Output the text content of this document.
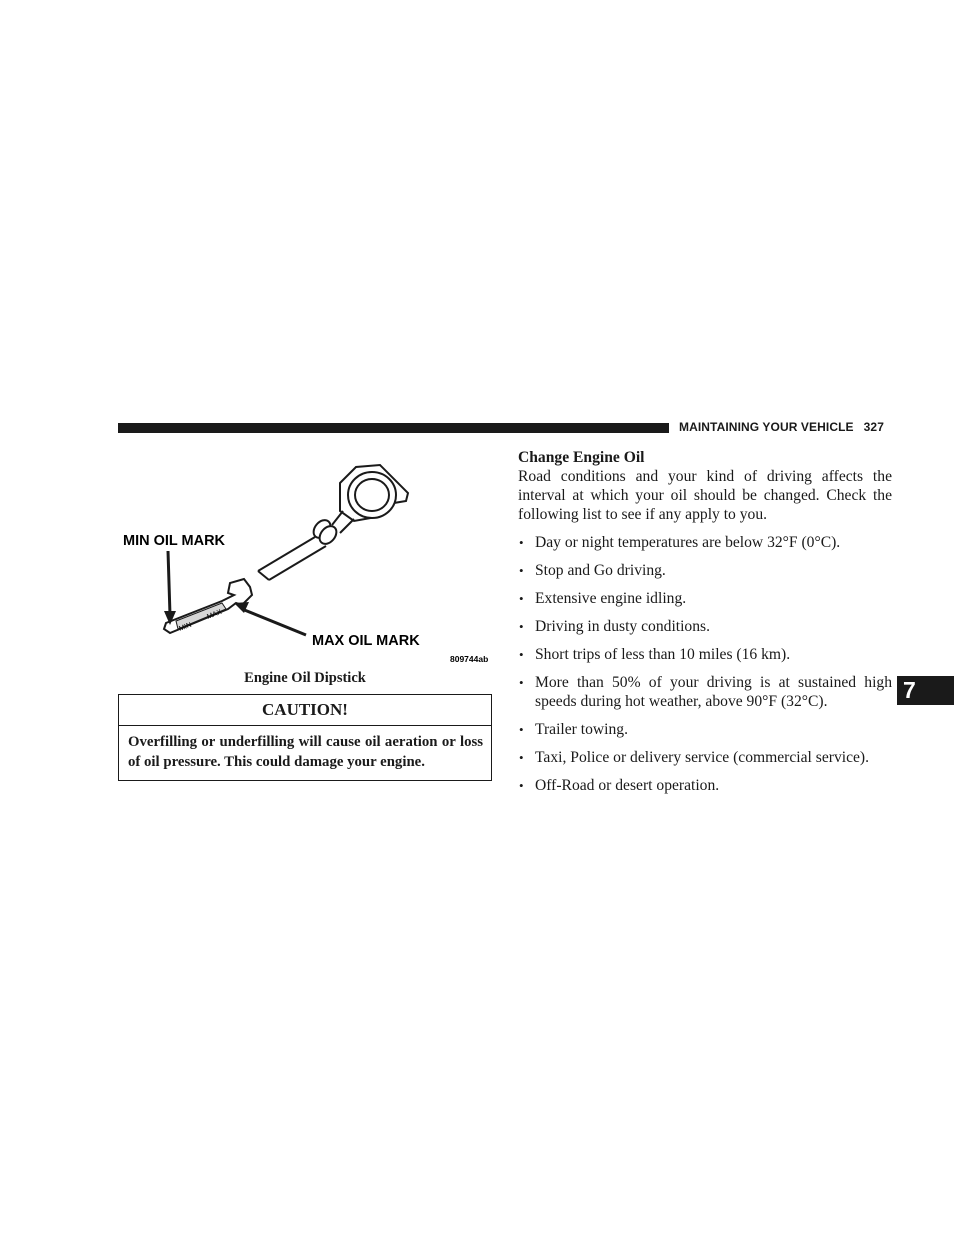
MAINTAINING YOUR VEHICLE 327
MIN
MAX
MIN OIL MARK
MAX OIL MARK
809744ab
Engine Oil Dipstick
CAUTION!
Overfilling or underfilling will cause oil aeration or loss of oil pressure. This could damage your engine.

Change Engine Oil

Road conditions and your kind of driving affects the interval at which your oil should be changed. Check the following list to see if any apply to you.

• Day or night temperatures are below 32°F (0°C).
• Stop and Go driving.
• Extensive engine idling.
• Driving in dusty conditions.
• Short trips of less than 10 miles (16 km).
• More than 50% of your driving is at sustained high speeds during hot weather, above 90°F (32°C).
• Trailer towing.
• Taxi, Police or delivery service (commercial service).
• Off-Road or desert operation.
7
